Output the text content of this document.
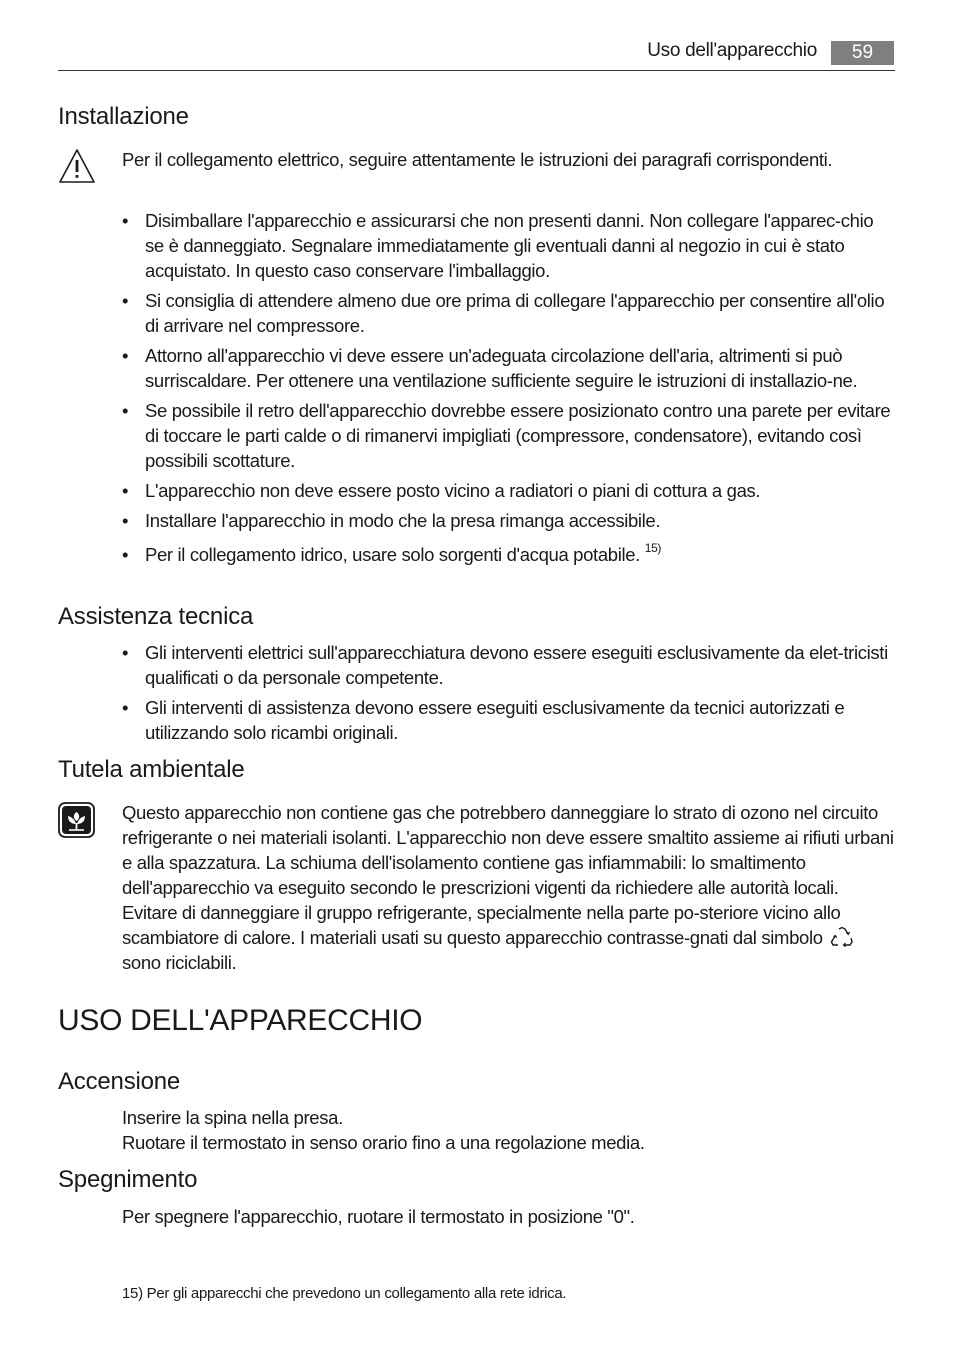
Uso dell'apparecchio	59
Installazione
Per il collegamento elettrico, seguire attentamente le istruzioni dei paragrafi corrispondenti.
• Disimballare l'apparecchio e assicurarsi che non presenti danni. Non collegare l'apparec-chio se è danneggiato. Segnalare immediatamente gli eventuali danni al negozio in cui è stato acquistato. In questo caso conservare l'imballaggio.
• Si consiglia di attendere almeno due ore prima di collegare l'apparecchio per consentire all'olio di arrivare nel compressore.
• Attorno all'apparecchio vi deve essere un'adeguata circolazione dell'aria, altrimenti si può surriscaldare. Per ottenere una ventilazione sufficiente seguire le istruzioni di installazio-ne.
• Se possibile il retro dell'apparecchio dovrebbe essere posizionato contro una parete per evitare di toccare le parti calde o di rimanervi impigliati (compressore, condensatore), evitando così possibili scottature.
• L'apparecchio non deve essere posto vicino a radiatori o piani di cottura a gas.
• Installare l'apparecchio in modo che la presa rimanga accessibile.
• Per il collegamento idrico, usare solo sorgenti d'acqua potabile. $^{15)}$
Assistenza tecnica
• Gli interventi elettrici sull'apparecchiatura devono essere eseguiti esclusivamente da elet-tricisti qualificati o da personale competente.
• Gli interventi di assistenza devono essere eseguiti esclusivamente da tecnici autorizzati e utilizzando solo ricambi originali.
Tutela ambientale
Questo apparecchio non contiene gas che potrebbero danneggiare lo strato di ozono nel circuito refrigerante o nei materiali isolanti. L'apparecchio non deve essere smaltito assieme ai rifiuti urbani e alla spazzatura. La schiuma dell'isolamento contiene gas infiammabili: lo smaltimento dell'apparecchio va eseguito secondo le prescrizioni vigenti da richiedere alle autorità locali. Evitare di danneggiare il gruppo refrigerante, specialmente nella parte po-steriore vicino allo scambiatore di calore. I materiali usati su questo apparecchio contrasse-gnati dal simbolo  sono riciclabili.
USO DELL'APPARECCHIO
Accensione
Inserire la spina nella presa.
Ruotare il termostato in senso orario fino a una regolazione media.
Spegnimento
Per spegnere l'apparecchio, ruotare il termostato in posizione "0".
15) Per gli apparecchi che prevedono un collegamento alla rete idrica.
